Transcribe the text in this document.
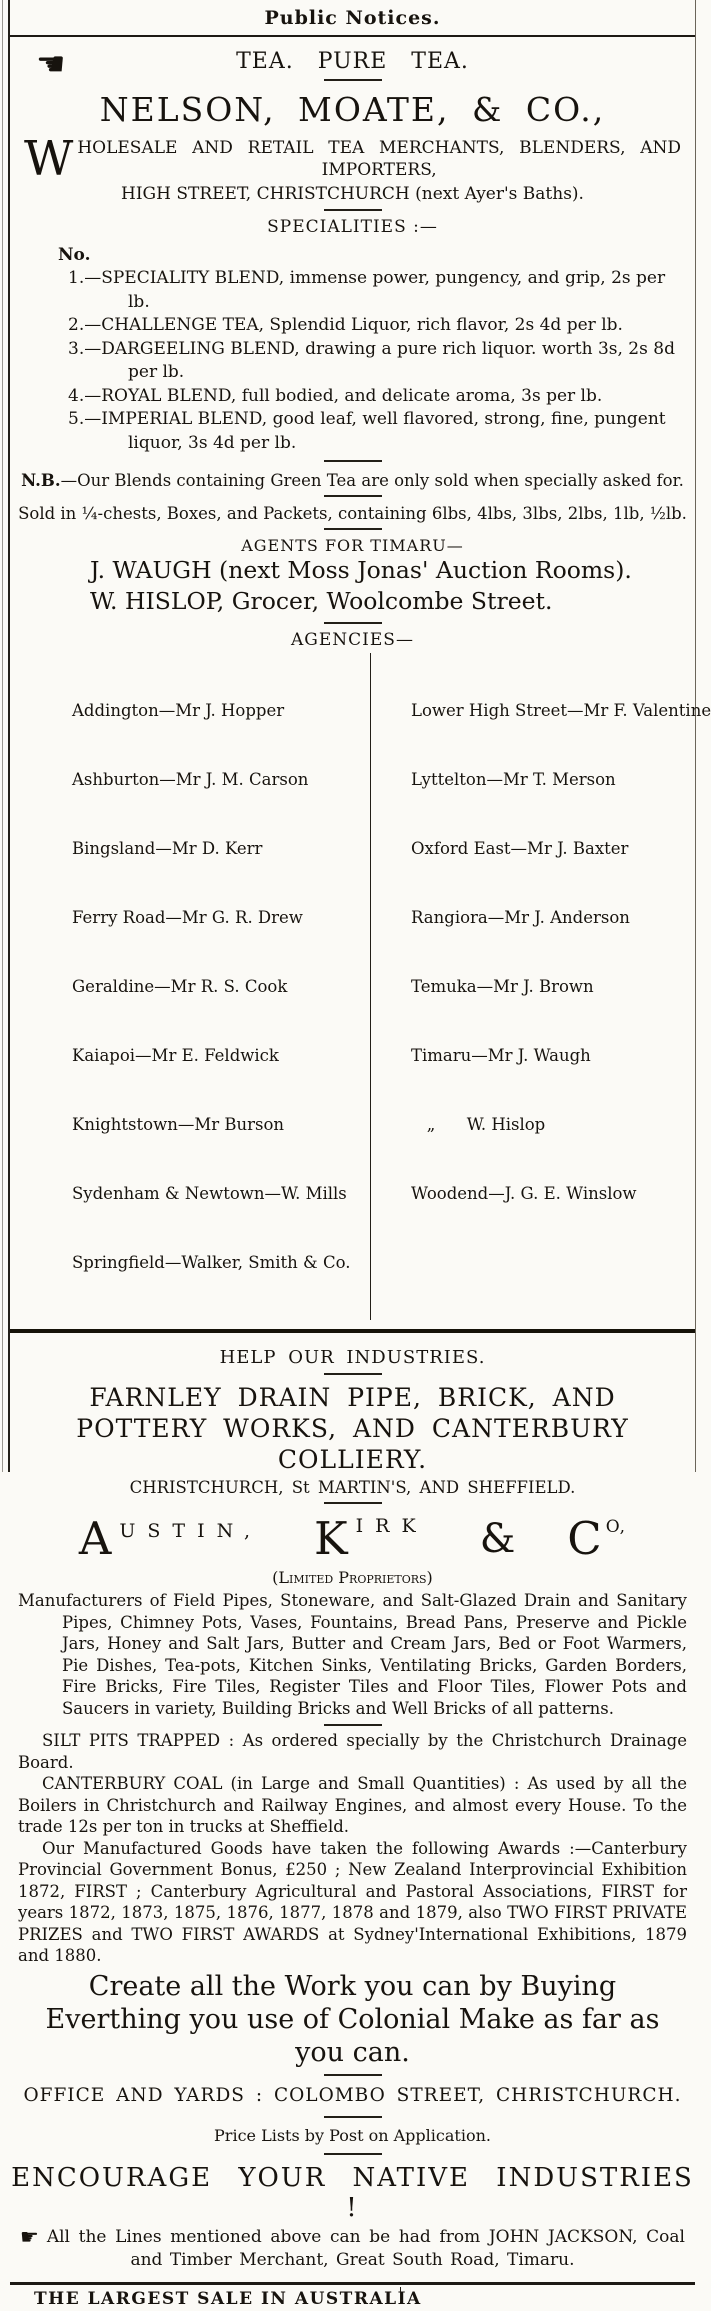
Public Notices.
☚	TEA. PURE TEA.
NELSON, MOATE, & CO.,

WHOLESALE AND RETAIL TEA MERCHANTS, BLENDERS, AND IMPORTERS,

HIGH STREET, CHRISTCHURCH (next Ayer's Baths).
SPECIALITIES :—
No.
1.—SPECIALITY BLEND, immense power, pungency, and grip, 2s per lb.
2.—CHALLENGE TEA, Splendid Liquor, rich flavor, 2s 4d per lb.
3.—DARGEELING BLEND, drawing a pure rich liquor. worth 3s, 2s 8d per lb.
4.—ROYAL BLEND, full bodied, and delicate aroma, 3s per lb.
5.—IMPERIAL BLEND, good leaf, well flavored, strong, fine, pungent liquor, 3s 4d per lb.
N.B.—Our Blends containing Green Tea are only sold when specially asked for.
Sold in ¼-chests, Boxes, and Packets, containing 6lbs, 4lbs, 3lbs, 2lbs, 1lb, ½lb.
AGENTS FOR TIMARU—
J. WAUGH (next Moss Jonas' Auction Rooms).
W. HISLOP, Grocer, Woolcombe Street.
AGENCIES—

Addington—Mr J. Hopper

Ashburton—Mr J. M. Carson

Bingsland—Mr D. Kerr

Ferry Road—Mr G. R. Drew

Geraldine—Mr R. S. Cook

Kaiapoi—Mr E. Feldwick

Knightstown—Mr Burson

Sydenham & Newtown—W. Mills

Springfield—Walker, Smith & Co.

Lower High Street—Mr F. Valentine

Lyttelton—Mr T. Merson

Oxford East—Mr J. Baxter

Rangiora—Mr J. Anderson

Temuka—Mr J. Brown

Timaru—Mr J. Waugh

„      W. Hislop

Woodend—J. G. E. Winslow

HELP OUR INDUSTRIES.
FARNLEY DRAIN PIPE, BRICK, AND POTTERY WORKS, AND CANTERBURY COLLIERY.
CHRISTCHURCH, St MARTIN'S, AND SHEFFIELD.
AUSTIN, KIRK & C O,
(Limited Proprietors)

Manufacturers of Field Pipes, Stoneware, and Salt-Glazed Drain and Sanitary Pipes, Chimney Pots, Vases, Fountains, Bread Pans, Preserve and Pickle Jars, Honey and Salt Jars, Butter and Cream Jars, Bed or Foot Warmers, Pie Dishes, Tea-pots, Kitchen Sinks, Ventilating Bricks, Garden Borders, Fire Bricks, Fire Tiles, Register Tiles and Floor Tiles, Flower Pots and Saucers in variety, Building Bricks and Well Bricks of all patterns.

SILT PITS TRAPPED : As ordered specially by the Christchurch Drainage Board.

CANTERBURY COAL (in Large and Small Quantities) : As used by all the Boilers in Christchurch and Railway Engines, and almost every House. To the trade 12s per ton in trucks at Sheffield.

Our Manufactured Goods have taken the following Awards :—Canterbury Provincial Government Bonus, £250 ; New Zealand Interprovincial Exhibition 1872, FIRST ; Canterbury Agricultural and Pastoral Associations, FIRST for years 1872, 1873, 1875, 1876, 1877, 1878 and 1879, also TWO FIRST PRIVATE PRIZES and TWO FIRST AWARDS at Sydney'International Exhibitions, 1879 and 1880.

Create all the Work you can by Buying Everthing you use of Colonial Make as far as you can.
OFFICE AND YARDS : COLOMBO STREET, CHRISTCHURCH.
Price Lists by Post on Application.
ENCOURAGE YOUR NATIVE INDUSTRIES !

☛ All the Lines mentioned above can be had from JOHN JACKSON, Coal and Timber Merchant, Great South Road, Timaru.

THE LARGEST SALE IN AUSTRALIA
